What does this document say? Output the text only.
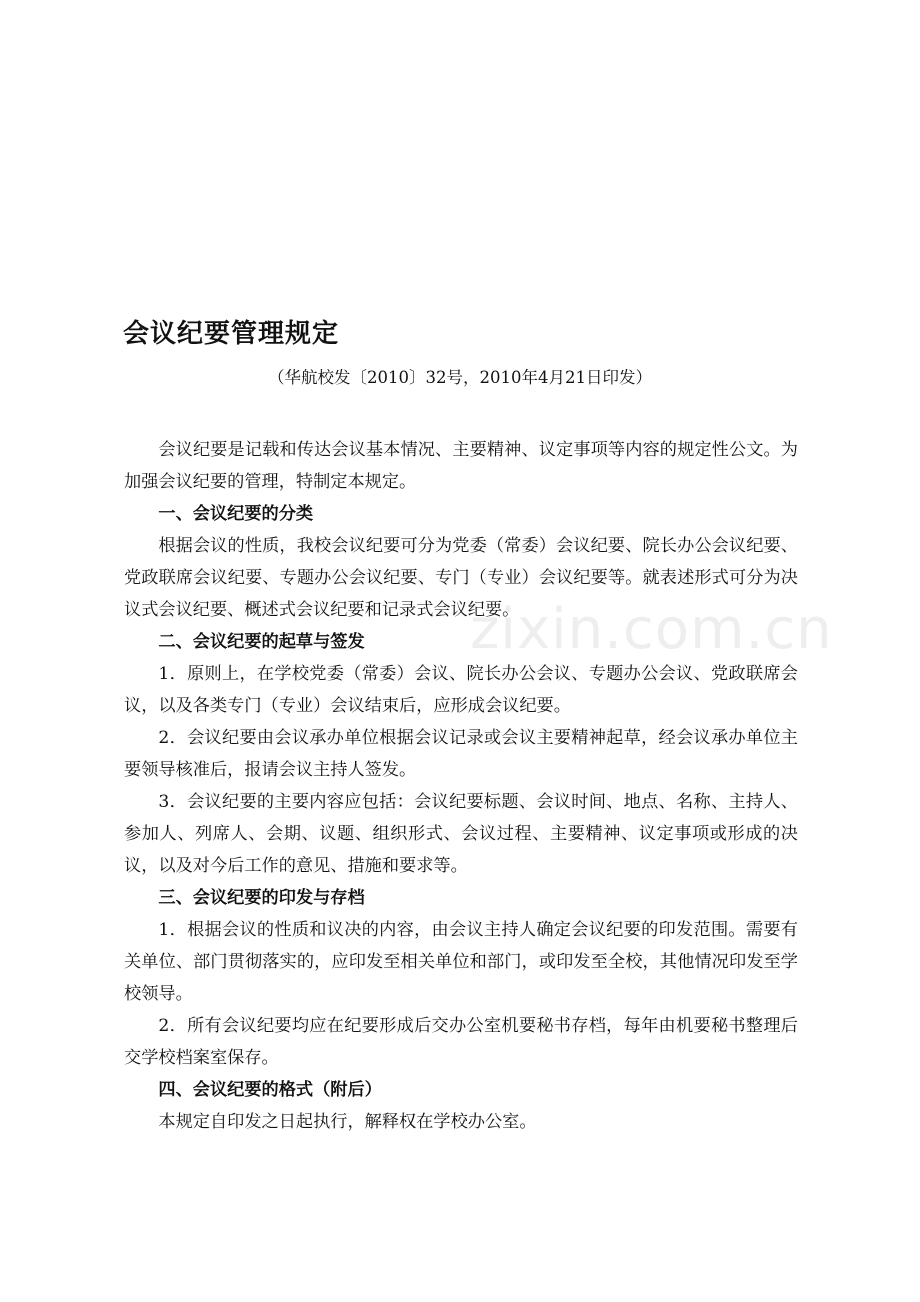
会议纪要管理规定
（华航校发〔2010〕32号，2010年4月21日印发）

会议纪要是记载和传达会议基本情况、主要精神、议定事项等内容的规定性公文。为加强会议纪要的管理，特制定本规定。

一、会议纪要的分类

根据会议的性质，我校会议纪要可分为党委（常委）会议纪要、院长办公会议纪要、党政联席会议纪要、专题办公会议纪要、专门（专业）会议纪要等。就表述形式可分为决议式会议纪要、概述式会议纪要和记录式会议纪要。

二、会议纪要的起草与签发

1．原则上，在学校党委（常委）会议、院长办公会议、专题办公会议、党政联席会议，以及各类专门（专业）会议结束后，应形成会议纪要。

2．会议纪要由会议承办单位根据会议记录或会议主要精神起草，经会议承办单位主要领导核准后，报请会议主持人签发。

3．会议纪要的主要内容应包括：会议纪要标题、会议时间、地点、名称、主持人、参加人、列席人、会期、议题、组织形式、会议过程、主要精神、议定事项或形成的决议，以及对今后工作的意见、措施和要求等。

三、会议纪要的印发与存档

1．根据会议的性质和议决的内容，由会议主持人确定会议纪要的印发范围。需要有关单位、部门贯彻落实的，应印发至相关单位和部门，或印发至全校，其他情况印发至学校领导。

2．所有会议纪要均应在纪要形成后交办公室机要秘书存档，每年由机要秘书整理后交学校档案室保存。

四、会议纪要的格式（附后）

本规定自印发之日起执行，解释权在学校办公室。

zixin.com.cn
